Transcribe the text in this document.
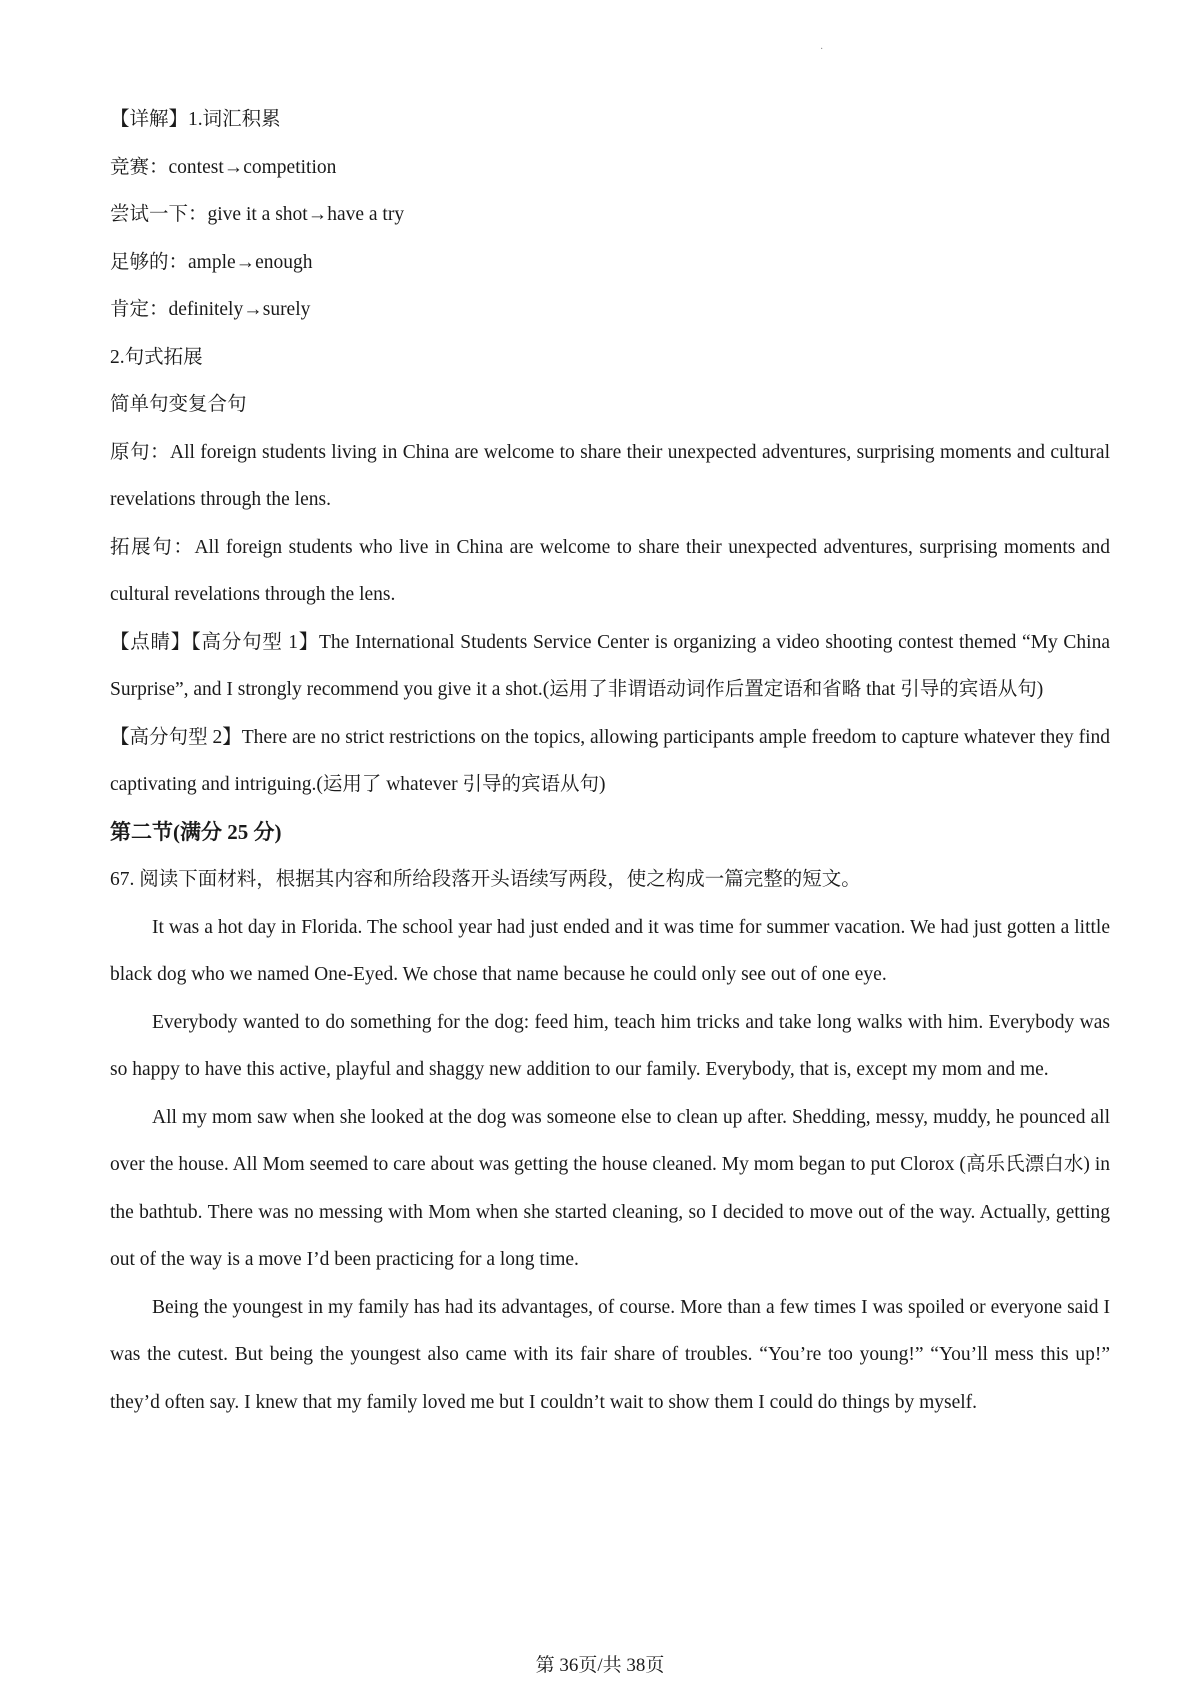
·

【详解】1.词汇积累

竞赛：contest→competition

尝试一下：give it a shot→have a try

足够的：ample→enough

肯定：definitely→surely

2.句式拓展

简单句变复合句

原句：All foreign students living in China are welcome to share their unexpected adventures, surprising moments and cultural revelations through the lens.

拓展句：All foreign students who live in China are welcome to share their unexpected adventures, surprising moments and cultural revelations through the lens.

【点睛】【高分句型 1】The International Students Service Center is organizing a video shooting contest themed “My China Surprise”, and I strongly recommend you give it a shot.(运用了非谓语动词作后置定语和省略 that 引导的宾语从句)

【高分句型 2】There are no strict restrictions on the topics, allowing participants ample freedom to capture whatever they find captivating and intriguing.(运用了 whatever 引导的宾语从句)

第二节(满分 25 分)

67. 阅读下面材料，根据其内容和所给段落开头语续写两段，使之构成一篇完整的短文。

It was a hot day in Florida. The school year had just ended and it was time for summer vacation. We had just gotten a little black dog who we named One-Eyed. We chose that name because he could only see out of one eye.

Everybody wanted to do something for the dog: feed him, teach him tricks and take long walks with him. Everybody was so happy to have this active, playful and shaggy new addition to our family. Everybody, that is, except my mom and me.

All my mom saw when she looked at the dog was someone else to clean up after. Shedding, messy, muddy, he pounced all over the house. All Mom seemed to care about was getting the house cleaned. My mom began to put Clorox (高乐氏漂白水) in the bathtub. There was no messing with Mom when she started cleaning, so I decided to move out of the way. Actually, getting out of the way is a move I’d been practicing for a long time.

Being the youngest in my family has had its advantages, of course. More than a few times I was spoiled or everyone said I was the cutest. But being the youngest also came with its fair share of troubles. “You’re too young!” “You’ll mess this up!” they’d often say. I knew that my family loved me but I couldn’t wait to show them I could do things by myself.

第 36页/共 38页
